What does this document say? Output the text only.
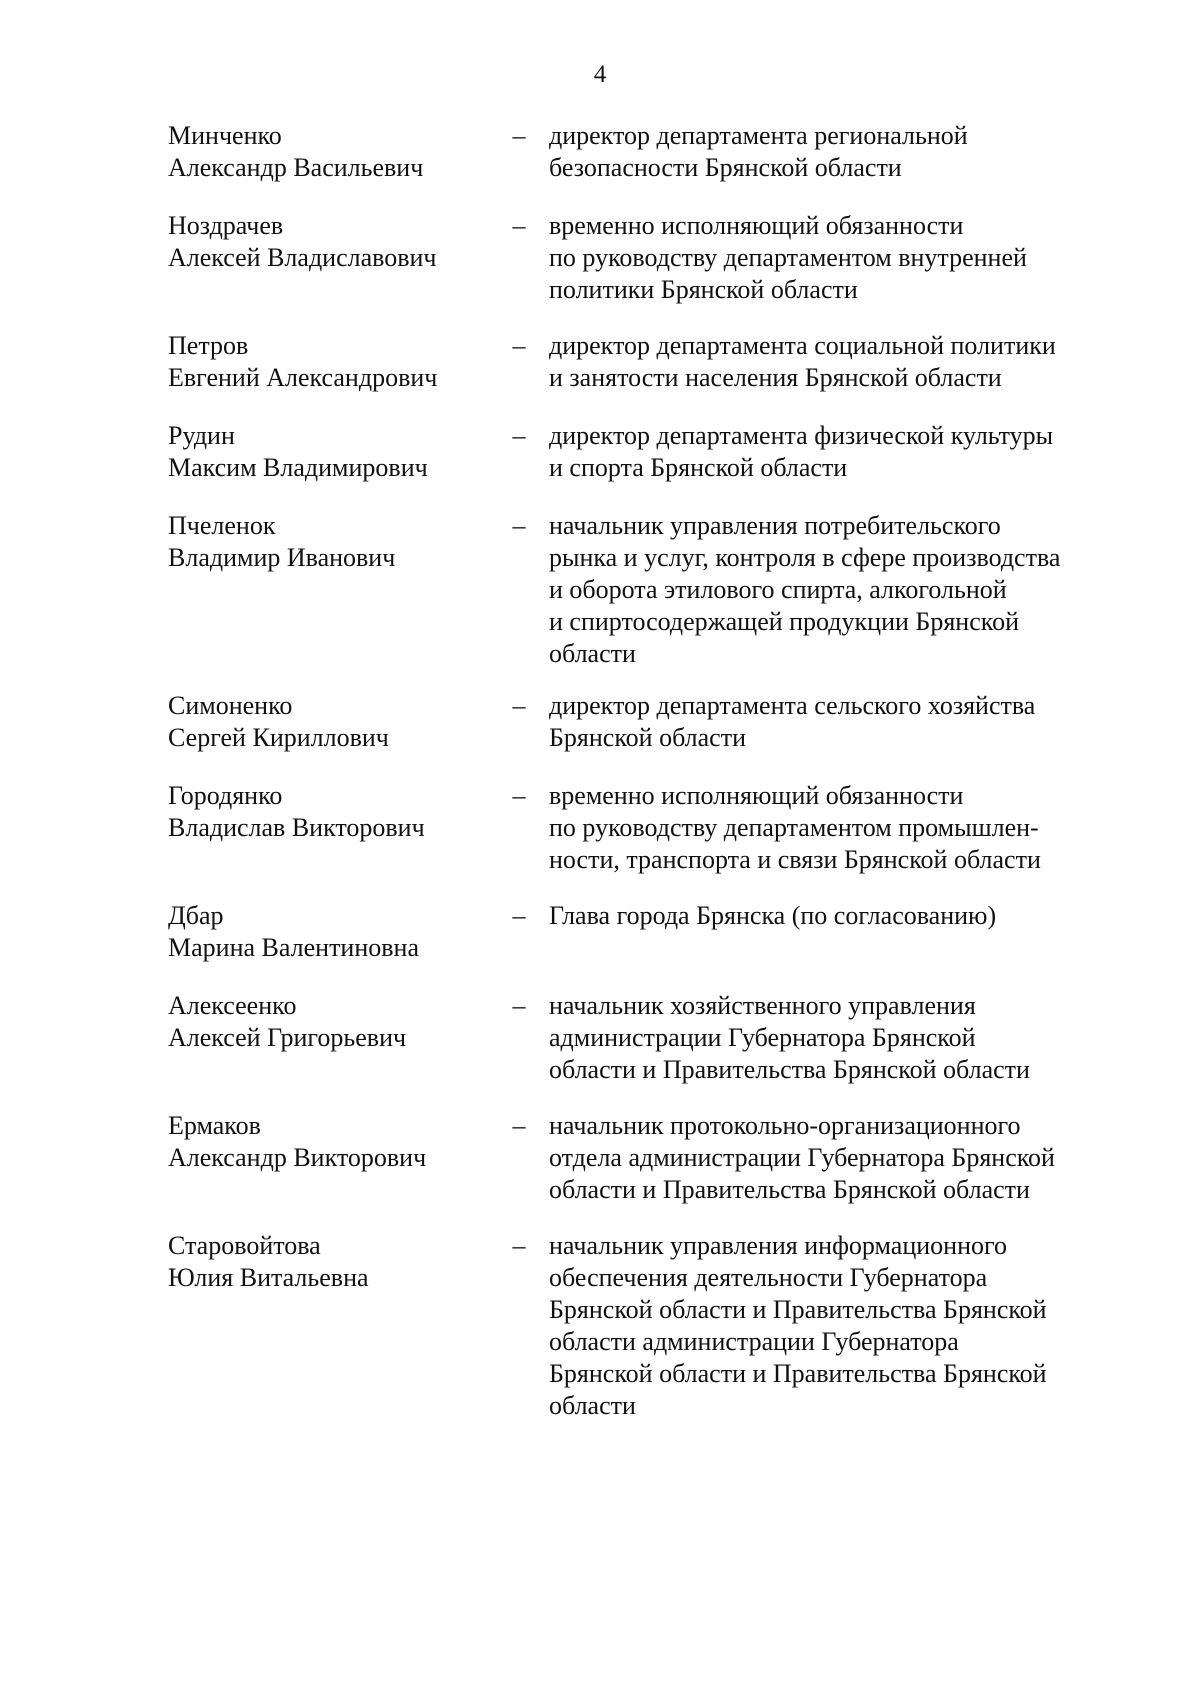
4
Минченко
Александр Васильевич
– директор департамента региональной
безопасности Брянской области
Ноздрачев
Алексей Владиславович
– временно исполняющий обязанности
по руководству департаментом внутренней
политики Брянской области
Петров
Евгений Александрович
– директор департамента социальной политики
и занятости населения Брянской области
Рудин
Максим Владимирович
– директор департамента физической культуры
и спорта Брянской области
Пчеленок
Владимир Иванович
– начальник управления потребительского
рынка и услуг, контроля в сфере производства
и оборота этилового спирта, алкогольной
и спиртосодержащей продукции Брянской
области
Симоненко
Сергей Кириллович
– директор департамента сельского хозяйства
Брянской области
Городянко
Владислав Викторович
– временно исполняющий обязанности
по руководству департаментом промышлен-
ности, транспорта и связи Брянской области
Дбар
Марина Валентиновна
– Глава города Брянска (по согласованию)
Алексеенко
Алексей Григорьевич
– начальник хозяйственного управления
администрации Губернатора Брянской
области и Правительства Брянской области
Ермаков
Александр Викторович
– начальник протокольно-организационного
отдела администрации Губернатора Брянской
области и Правительства Брянской области
Старовойтова
Юлия Витальевна
– начальник управления информационного
обеспечения деятельности Губернатора
Брянской области и Правительства Брянской
области администрации Губернатора
Брянской области и Правительства Брянской
области
